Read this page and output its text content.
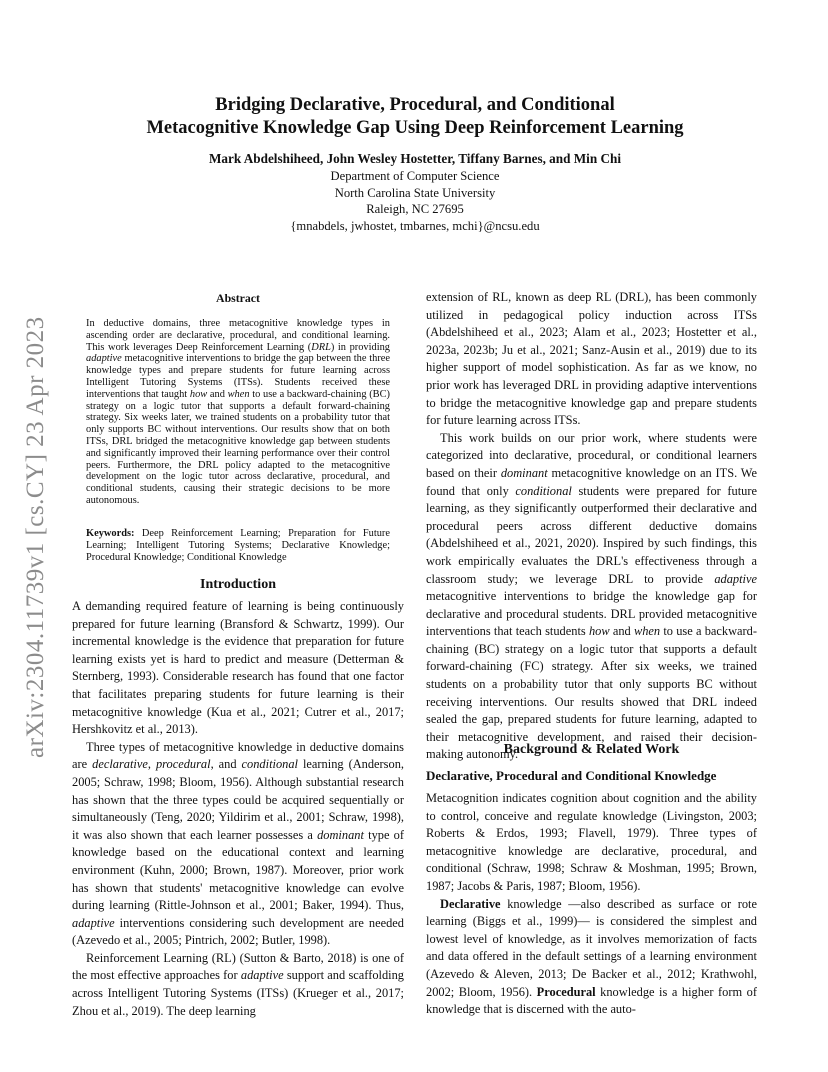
arXiv:2304.11739v1 [cs.CY] 23 Apr 2023
Bridging Declarative, Procedural, and Conditional
Metacognitive Knowledge Gap Using Deep Reinforcement Learning
Mark Abdelshiheed, John Wesley Hostetter, Tiffany Barnes, and Min Chi
Department of Computer Science
North Carolina State University
Raleigh, NC 27695
{mnabdels, jwhostet, tmbarnes, mchi}@ncsu.edu
Abstract
In deductive domains, three metacognitive knowledge types in ascending order are declarative, procedural, and conditional learning. This work leverages Deep Reinforcement Learning (DRL) in providing adaptive metacognitive interventions to bridge the gap between the three knowledge types and prepare students for future learning across Intelligent Tutoring Systems (ITSs). Students received these interventions that taught how and when to use a backward-chaining (BC) strategy on a logic tutor that supports a default forward-chaining strategy. Six weeks later, we trained students on a probability tutor that only supports BC without interventions. Our results show that on both ITSs, DRL bridged the metacognitive knowledge gap between students and significantly improved their learning performance over their control peers. Furthermore, the DRL policy adapted to the metacognitive development on the logic tutor across declarative, procedural, and conditional students, causing their strategic decisions to be more autonomous.
Keywords: Deep Reinforcement Learning; Preparation for Future Learning; Intelligent Tutoring Systems; Declarative Knowledge; Procedural Knowledge; Conditional Knowledge
Introduction

A demanding required feature of learning is being continuously prepared for future learning (Bransford & Schwartz, 1999). Our incremental knowledge is the evidence that preparation for future learning exists yet is hard to predict and measure (Detterman & Sternberg, 1993). Considerable research has found that one factor that facilitates preparing students for future learning is their metacognitive knowledge (Kua et al., 2021; Cutrer et al., 2017; Hershkovitz et al., 2013).

Three types of metacognitive knowledge in deductive domains are declarative, procedural, and conditional learning (Anderson, 2005; Schraw, 1998; Bloom, 1956). Although substantial research has shown that the three types could be acquired sequentially or simultaneously (Teng, 2020; Yildirim et al., 2001; Schraw, 1998), it was also shown that each learner possesses a dominant type of knowledge based on the educational context and learning environment (Kuhn, 2000; Brown, 1987). Moreover, prior work has shown that students' metacognitive knowledge can evolve during learning (Rittle-Johnson et al., 2001; Baker, 1994). Thus, adaptive interventions considering such development are needed (Azevedo et al., 2005; Pintrich, 2002; Butler, 1998).

Reinforcement Learning (RL) (Sutton & Barto, 2018) is one of the most effective approaches for adaptive support and scaffolding across Intelligent Tutoring Systems (ITSs) (Krueger et al., 2017; Zhou et al., 2019). The deep learning

extension of RL, known as deep RL (DRL), has been commonly utilized in pedagogical policy induction across ITSs (Abdelshiheed et al., 2023; Alam et al., 2023; Hostetter et al., 2023a, 2023b; Ju et al., 2021; Sanz-Ausin et al., 2019) due to its higher support of model sophistication. As far as we know, no prior work has leveraged DRL in providing adaptive interventions to bridge the metacognitive knowledge gap and prepare students for future learning across ITSs.

This work builds on our prior work, where students were categorized into declarative, procedural, or conditional learners based on their dominant metacognitive knowledge on an ITS. We found that only conditional students were prepared for future learning, as they significantly outperformed their declarative and procedural peers across different deductive domains (Abdelshiheed et al., 2021, 2020). Inspired by such findings, this work empirically evaluates the DRL's effectiveness through a classroom study; we leverage DRL to provide adaptive metacognitive interventions to bridge the knowledge gap for declarative and procedural students. DRL provided metacognitive interventions that teach students how and when to use a backward-chaining (BC) strategy on a logic tutor that supports a default forward-chaining (FC) strategy. After six weeks, we trained students on a probability tutor that only supports BC without receiving interventions. Our results showed that DRL indeed sealed the gap, prepared students for future learning, adapted to their metacognitive development, and raised their decision-making autonomy.

Background & Related Work
Declarative, Procedural and Conditional Knowledge

Metacognition indicates cognition about cognition and the ability to control, conceive and regulate knowledge (Livingston, 2003; Roberts & Erdos, 1993; Flavell, 1979). Three types of metacognitive knowledge are declarative, procedural, and conditional (Schraw, 1998; Schraw & Moshman, 1995; Brown, 1987; Jacobs & Paris, 1987; Bloom, 1956).

Declarative knowledge —also described as surface or rote learning (Biggs et al., 1999)— is considered the simplest and lowest level of knowledge, as it involves memorization of facts and data offered in the default settings of a learning environment (Azevedo & Aleven, 2013; De Backer et al., 2012; Krathwohl, 2002; Bloom, 1956). Procedural knowledge is a higher form of knowledge that is discerned with the auto-
